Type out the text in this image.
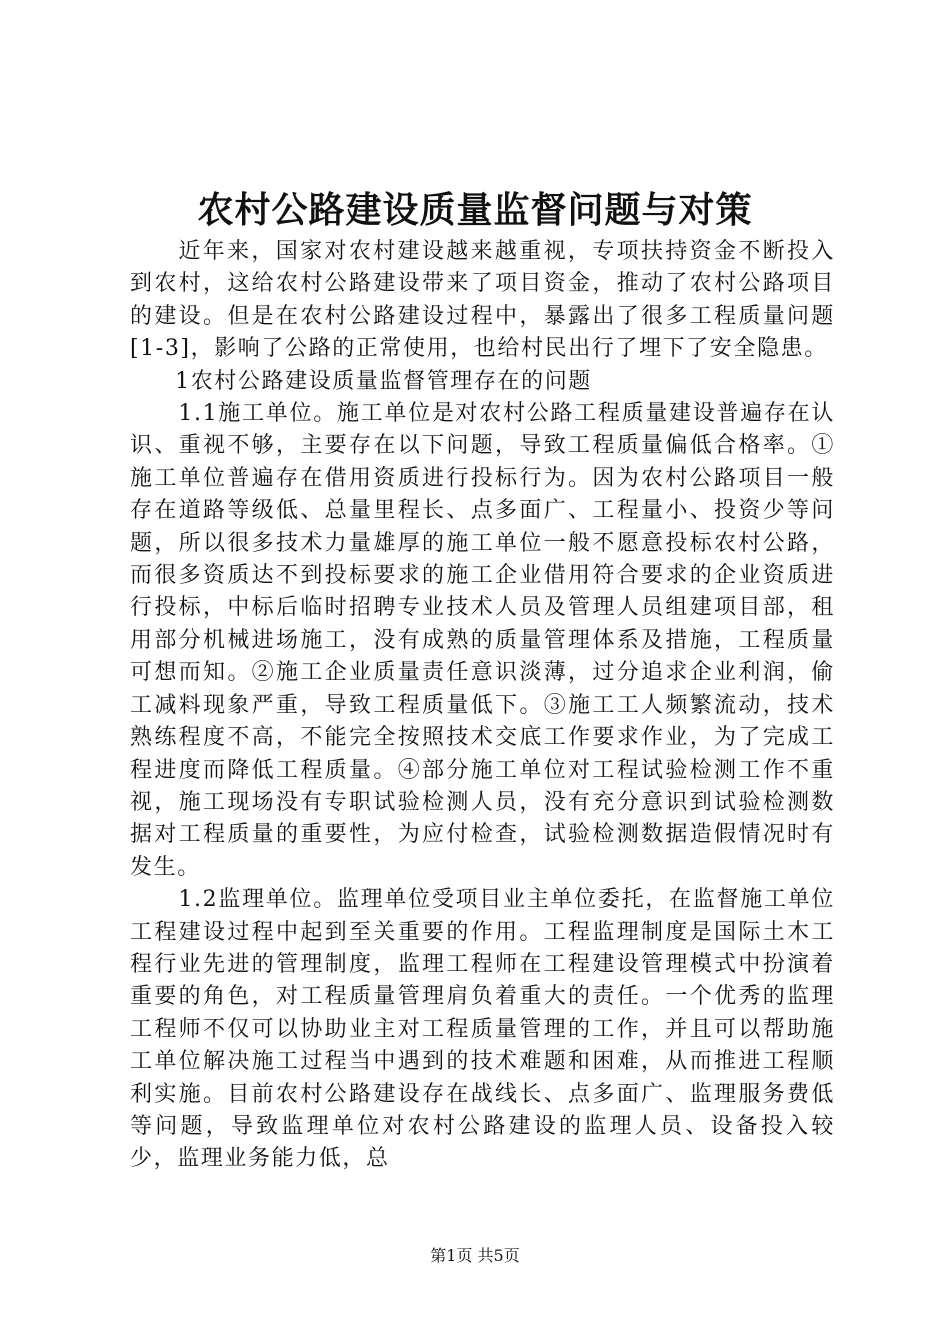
农村公路建设质量监督问题与对策

近年来，国家对农村建设越来越重视，专项扶持资金不断投入到农村，这给农村公路建设带来了项目资金，推动了农村公路项目的建设。但是在农村公路建设过程中，暴露出了很多工程质量问题[1-3]，影响了公路的正常使用，也给村民出行了埋下了安全隐患。

1农村公路建设质量监督管理存在的问题

1.1施工单位。施工单位是对农村公路工程质量建设普遍存在认识、重视不够，主要存在以下问题，导致工程质量偏低合格率。①施工单位普遍存在借用资质进行投标行为。因为农村公路项目一般存在道路等级低、总量里程长、点多面广、工程量小、投资少等问题，所以很多技术力量雄厚的施工单位一般不愿意投标农村公路，而很多资质达不到投标要求的施工企业借用符合要求的企业资质进行投标，中标后临时招聘专业技术人员及管理人员组建项目部，租用部分机械进场施工，没有成熟的质量管理体系及措施，工程质量可想而知。②施工企业质量责任意识淡薄，过分追求企业利润，偷工减料现象严重，导致工程质量低下。③施工工人频繁流动，技术熟练程度不高，不能完全按照技术交底工作要求作业，为了完成工程进度而降低工程质量。④部分施工单位对工程试验检测工作不重视，施工现场没有专职试验检测人员，没有充分意识到试验检测数据对工程质量的重要性，为应付检查，试验检测数据造假情况时有发生。

1.2监理单位。监理单位受项目业主单位委托，在监督施工单位工程建设过程中起到至关重要的作用。工程监理制度是国际土木工程行业先进的管理制度，监理工程师在工程建设管理模式中扮演着重要的角色，对工程质量管理肩负着重大的责任。一个优秀的监理工程师不仅可以协助业主对工程质量管理的工作，并且可以帮助施工单位解决施工过程当中遇到的技术难题和困难，从而推进工程顺利实施。目前农村公路建设存在战线长、点多面广、监理服务费低等问题，导致监理单位对农村公路建设的监理人员、设备投入较少，监理业务能力低，总

第1页 共5页
